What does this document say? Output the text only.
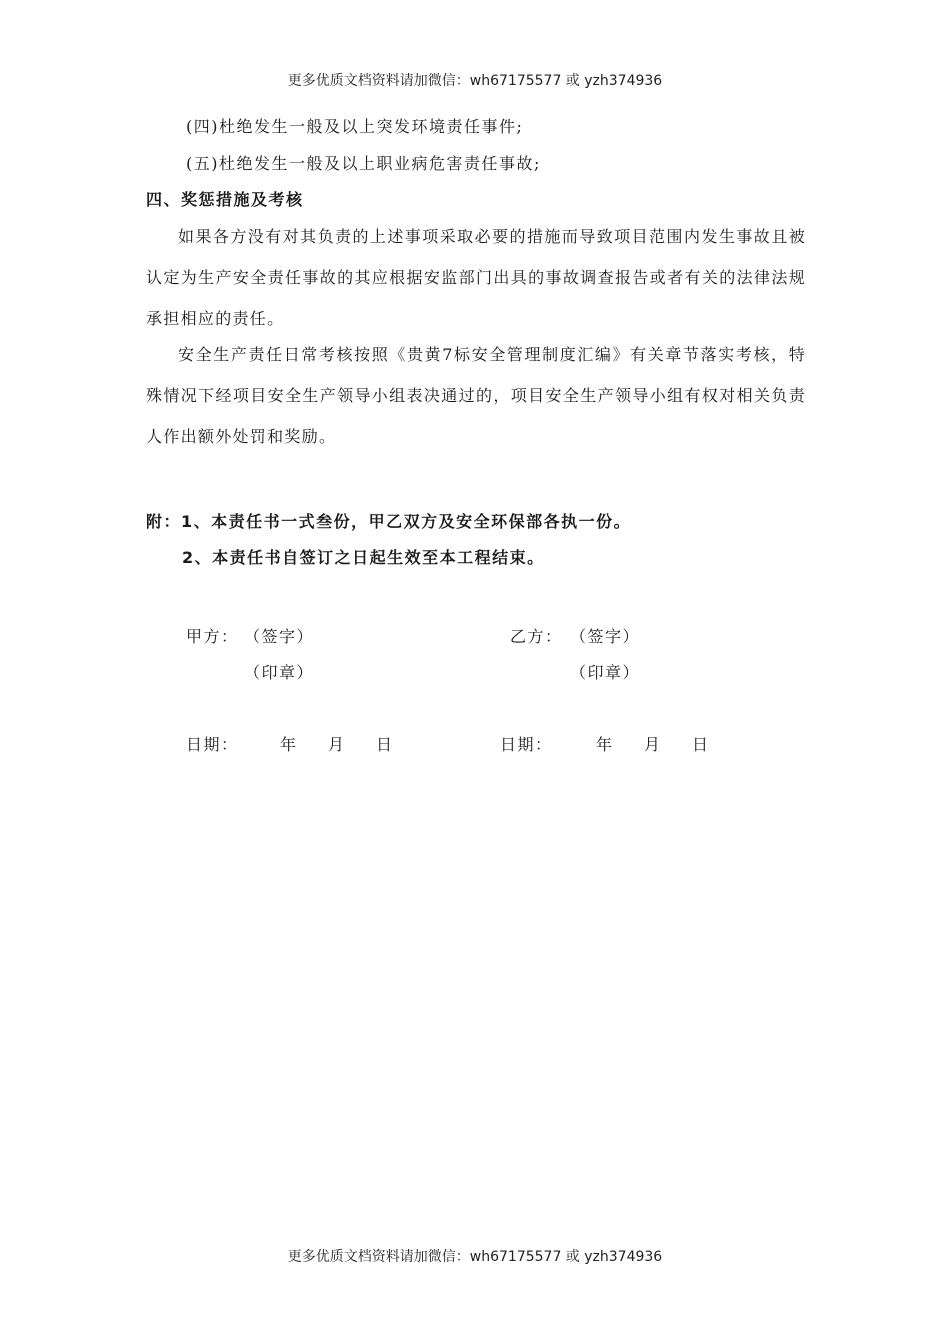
更多优质文档资料请加微信：wh67175577 或 yzh374936
(四)杜绝发生一般及以上突发环境责任事件;
(五)杜绝发生一般及以上职业病危害责任事故;
四、奖惩措施及考核

如果各方没有对其负责的上述事项采取必要的措施而导致项目范围内发生事故且被认定为生产安全责任事故的其应根据安监部门出具的事故调查报告或者有关的法律法规承担相应的责任。

安全生产责任日常考核按照《贵黄7标安全管理制度汇编》有关章节落实考核，特殊情况下经项目安全生产领导小组表决通过的，项目安全生产领导小组有权对相关负责人作出额外处罚和奖励。

附：1、本责任书一式叁份，甲乙双方及安全环保部各执一份。
2、本责任书自签订之日起生效至本工程结束。
甲方： （签字）
（印章）
乙方： （签字）
（印章）
日期：	年 月 日	日期：	年 月 日
更多优质文档资料请加微信：wh67175577 或 yzh374936
